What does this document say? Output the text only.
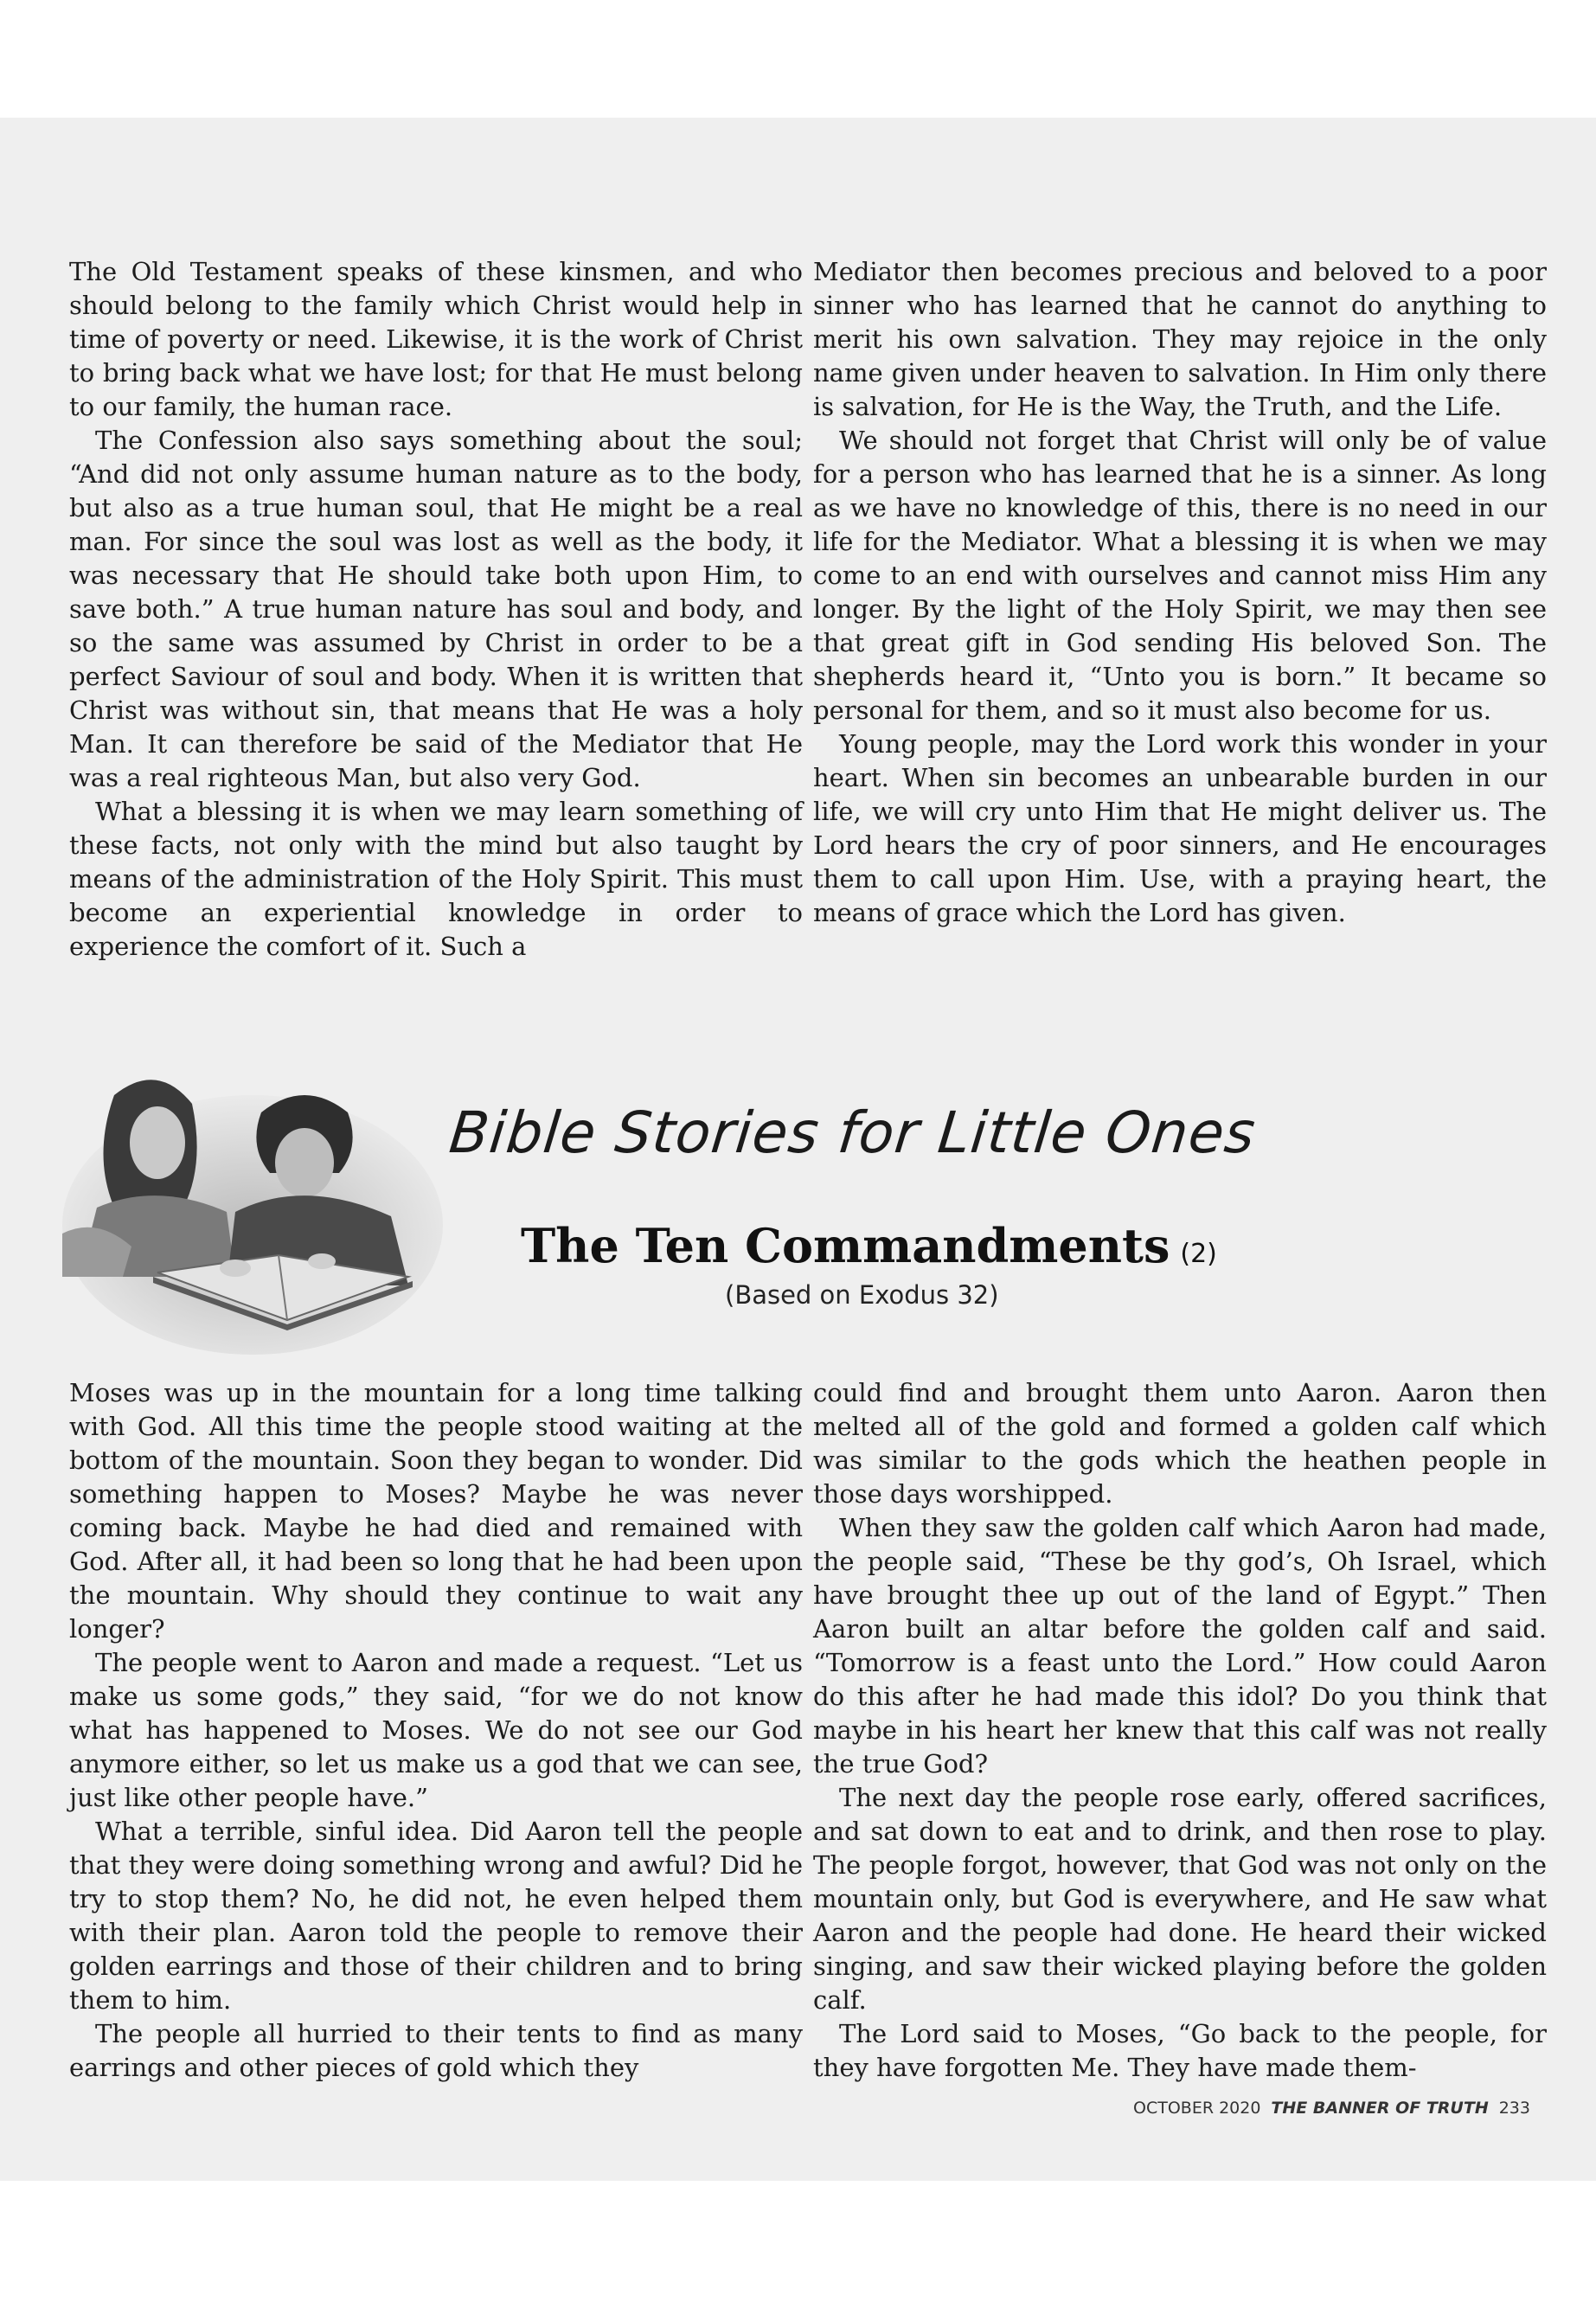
The Old Testament speaks of these kinsmen, and who should belong to the family which Christ would help in time of poverty or need. Likewise, it is the work of Christ to bring back what we have lost; for that He must belong to our family, the human race.

The Confession also says something about the soul; “And did not only assume human nature as to the body, but also as a true human soul, that He might be a real man. For since the soul was lost as well as the body, it was necessary that He should take both upon Him, to save both.” A true human nature has soul and body, and so the same was assumed by Christ in order to be a perfect Saviour of soul and body. When it is written that Christ was without sin, that means that He was a holy Man. It can therefore be said of the Mediator that He was a real righteous Man, but also very God.

What a blessing it is when we may learn something of these facts, not only with the mind but also taught by means of the administration of the Holy Spirit. This must become an experiential knowledge in order to experience the comfort of it. Such a

Mediator then becomes precious and beloved to a poor sinner who has learned that he cannot do anything to merit his own salvation. They may rejoice in the only name given under heaven to salvation. In Him only there is salvation, for He is the Way, the Truth, and the Life.

We should not forget that Christ will only be of value for a person who has learned that he is a sinner. As long as we have no knowledge of this, there is no need in our life for the Mediator. What a blessing it is when we may come to an end with ourselves and cannot miss Him any longer. By the light of the Holy Spirit, we may then see that great gift in God sending His beloved Son. The shepherds heard it, “Unto you is born.” It became so personal for them, and so it must also become for us.

Young people, may the Lord work this wonder in your heart. When sin becomes an unbearable burden in our life, we will cry unto Him that He might deliver us. The Lord hears the cry of poor sinners, and He encourages them to call upon Him. Use, with a praying heart, the means of grace which the Lord has given.

Bible Stories for Little Ones
The Ten Commandments (2)
(Based on Exodus 32)

Moses was up in the mountain for a long time talking with God. All this time the people stood waiting at the bottom of the mountain. Soon they began to wonder. Did something happen to Moses? Maybe he was never coming back. Maybe he had died and remained with God. After all, it had been so long that he had been upon the mountain. Why should they continue to wait any longer?

The people went to Aaron and made a request. “Let us make us some gods,” they said, “for we do not know what has happened to Moses. We do not see our God anymore either, so let us make us a god that we can see, just like other people have.”

What a terrible, sinful idea. Did Aaron tell the people that they were doing something wrong and awful? Did he try to stop them? No, he did not, he even helped them with their plan. Aaron told the people to remove their golden earrings and those of their children and to bring them to him.

The people all hurried to their tents to find as many earrings and other pieces of gold which they

could find and brought them unto Aaron. Aaron then melted all of the gold and formed a golden calf which was similar to the gods which the heathen people in those days worshipped.

When they saw the golden calf which Aaron had made, the people said, “These be thy god’s, Oh Israel, which have brought thee up out of the land of Egypt.” Then Aaron built an altar before the golden calf and said. “Tomorrow is a feast unto the Lord.” How could Aaron do this after he had made this idol? Do you think that maybe in his heart her knew that this calf was not really the true God?

The next day the people rose early, offered sacrifices, and sat down to eat and to drink, and then rose to play. The people forgot, however, that God was not only on the mountain only, but God is everywhere, and He saw what Aaron and the people had done. He heard their wicked singing, and saw their wicked playing before the golden calf.

The Lord said to Moses, “Go back to the people, for they have forgotten Me. They have made them-

OCTOBER 2020 THE BANNER OF TRUTH 233
